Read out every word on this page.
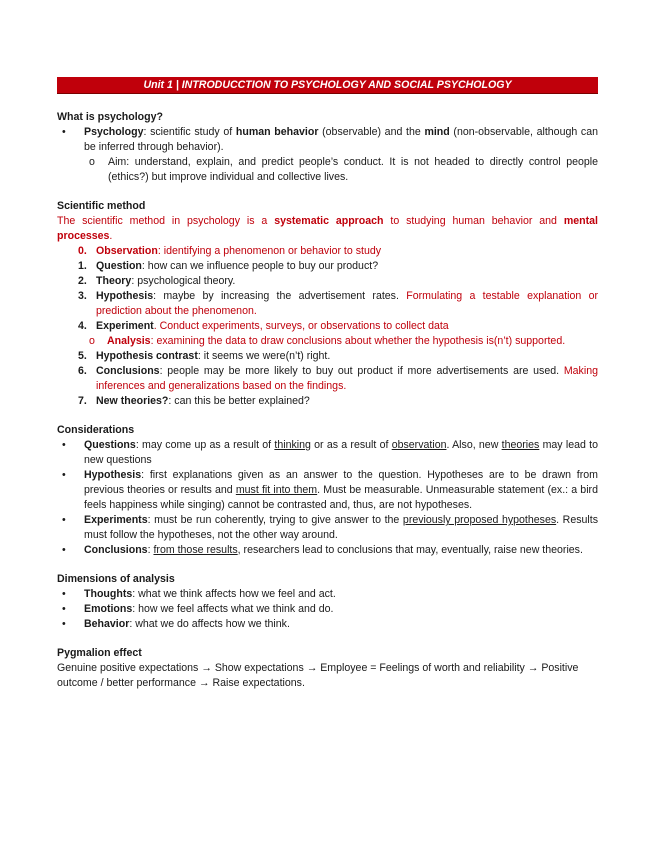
Unit 1 | INTRODUCCTION TO PSYCHOLOGY AND SOCIAL PSYCHOLOGY
What is psychology?
•	Psychology: scientific study of human behavior (observable) and the mind (non-observable, although can be inferred through behavior).
o Aim: understand, explain, and predict people’s conduct. It is not headed to directly control people (ethics?) but improve individual and collective lives.
Scientific method
The scientific method in psychology is a systematic approach to studying human behavior and mental processes.
0. Observation: identifying a phenomenon or behavior to study
1. Question: how can we influence people to buy our product?
2. Theory: psychological theory.
3. Hypothesis: maybe by increasing the advertisement rates. Formulating a testable explanation or prediction about the phenomenon.
4. Experiment. Conduct experiments, surveys, or observations to collect data
o Analysis: examining the data to draw conclusions about whether the hypothesis is(n’t) supported.
5. Hypothesis contrast: it seems we were(n’t) right.
6. Conclusions: people may be more likely to buy out product if more advertisements are used. Making inferences and generalizations based on the findings.
7. New theories?: can this be better explained?
Considerations
•	Questions: may come up as a result of thinking or as a result of observation. Also, new theories may lead to new questions
•	Hypothesis: first explanations given as an answer to the question. Hypotheses are to be drawn from previous theories or results and must fit into them. Must be measurable. Unmeasurable statement (ex.: a bird feels happiness while singing) cannot be contrasted and, thus, are not hypotheses.
•	Experiments: must be run coherently, trying to give answer to the previously proposed hypotheses. Results must follow the hypotheses, not the other way around.
•	Conclusions: from those results, researchers lead to conclusions that may, eventually, raise new theories.
Dimensions of analysis
•	Thoughts: what we think affects how we feel and act.
•	Emotions: how we feel affects what we think and do.
•	Behavior: what we do affects how we think.
Pygmalion effect
Genuine positive expectations → Show expectations → Employee = Feelings of worth and reliability → Positive outcome / better performance → Raise expectations.
